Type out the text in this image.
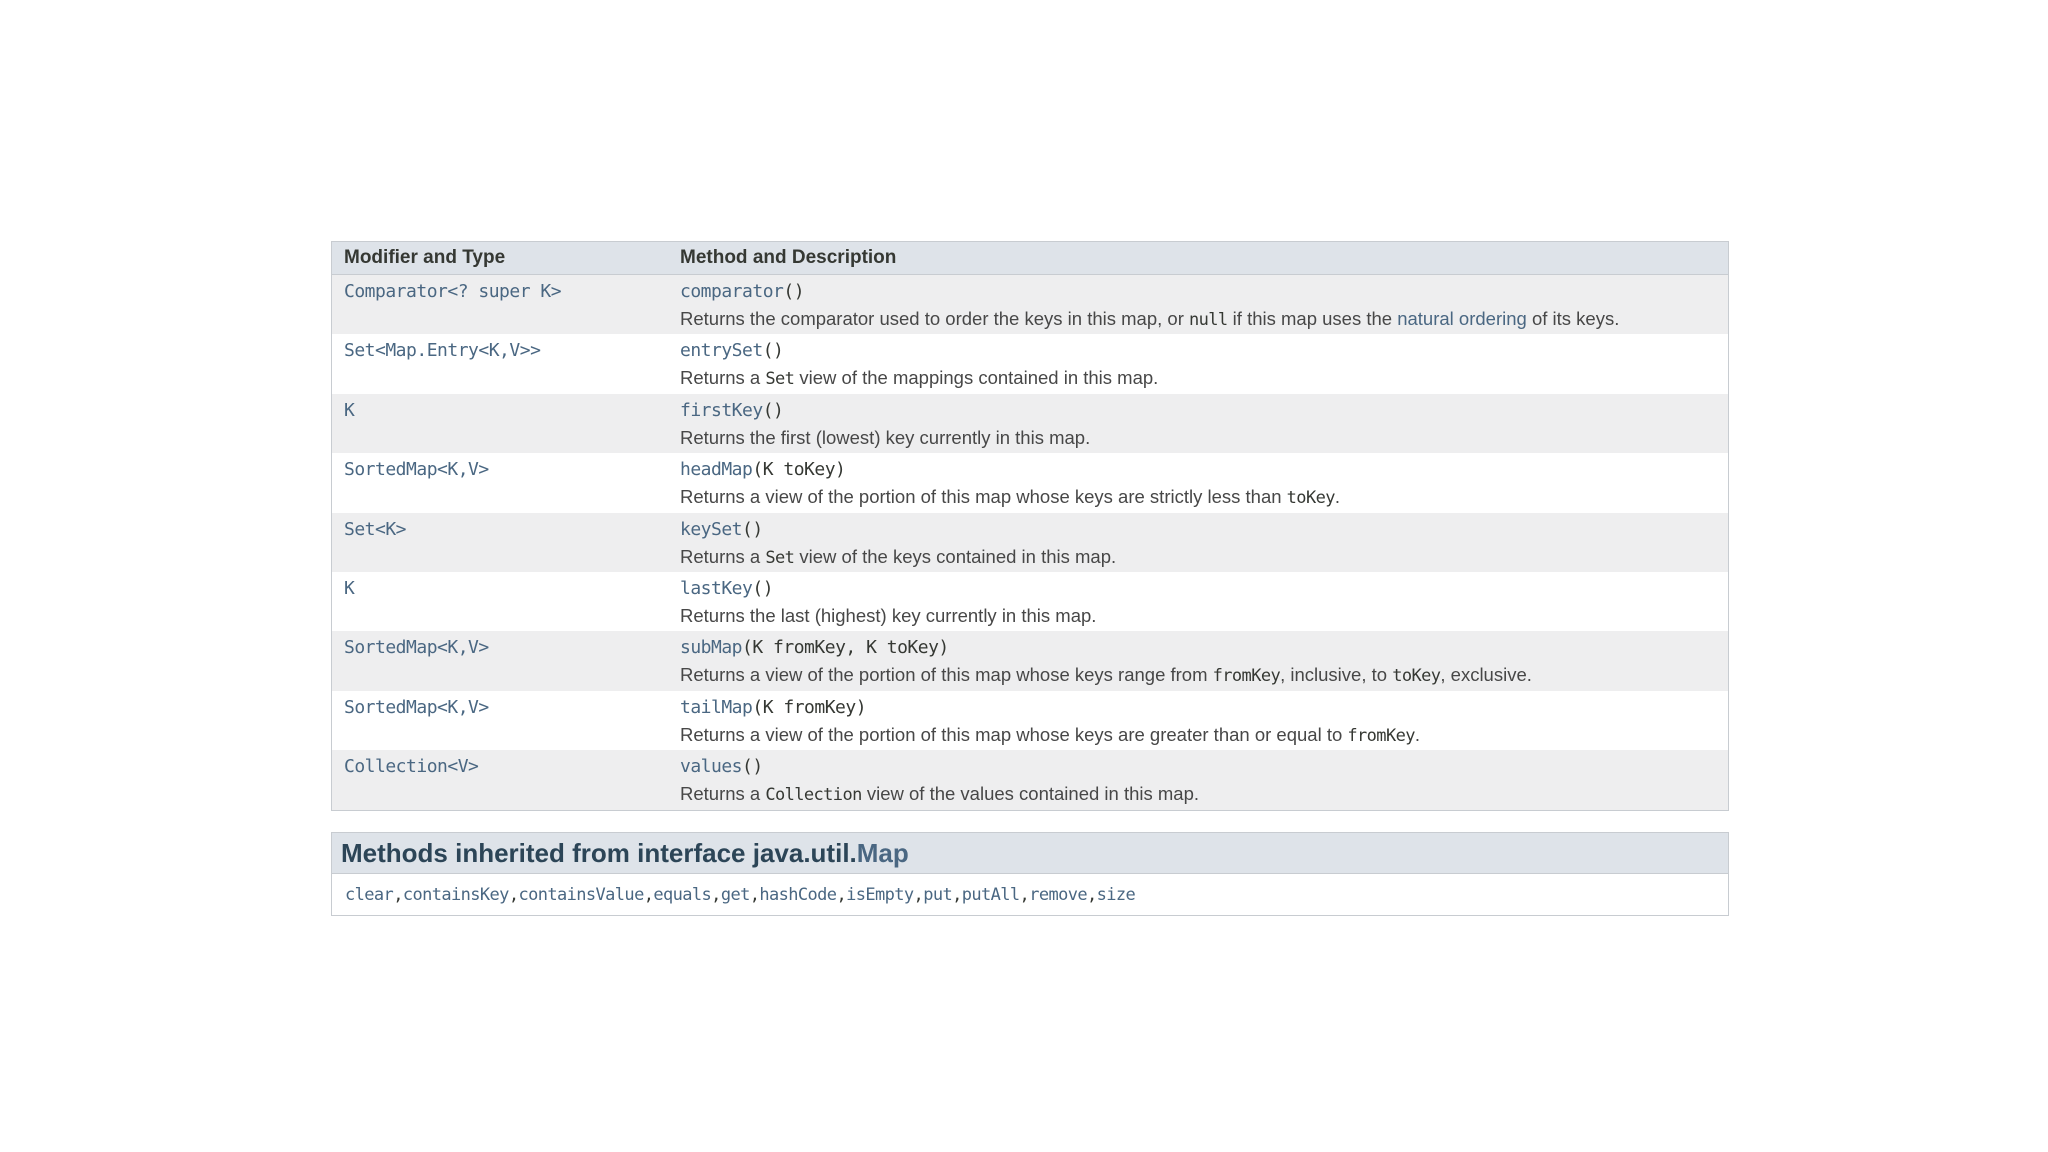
Modifier and Type	Method and Description
Comparator<? super K>	comparator()
Returns the comparator used to order the keys in this map, or null if this map uses the natural ordering of its keys.
Set<Map.Entry<K,V>>	entrySet()
Returns a Set view of the mappings contained in this map.
K	firstKey()
Returns the first (lowest) key currently in this map.
SortedMap<K,V>	headMap(K toKey)
Returns a view of the portion of this map whose keys are strictly less than toKey.
Set<K>	keySet()
Returns a Set view of the keys contained in this map.
K	lastKey()
Returns the last (highest) key currently in this map.
SortedMap<K,V>	subMap(K fromKey, K toKey)
Returns a view of the portion of this map whose keys range from fromKey, inclusive, to toKey, exclusive.
SortedMap<K,V>	tailMap(K fromKey)
Returns a view of the portion of this map whose keys are greater than or equal to fromKey.
Collection<V>	values()
Returns a Collection view of the values contained in this map.
Methods inherited from interface java.util. Map
clear , containsKey , containsValue , equals , get , hashCode , isEmpty , put , putAll , remove , size
